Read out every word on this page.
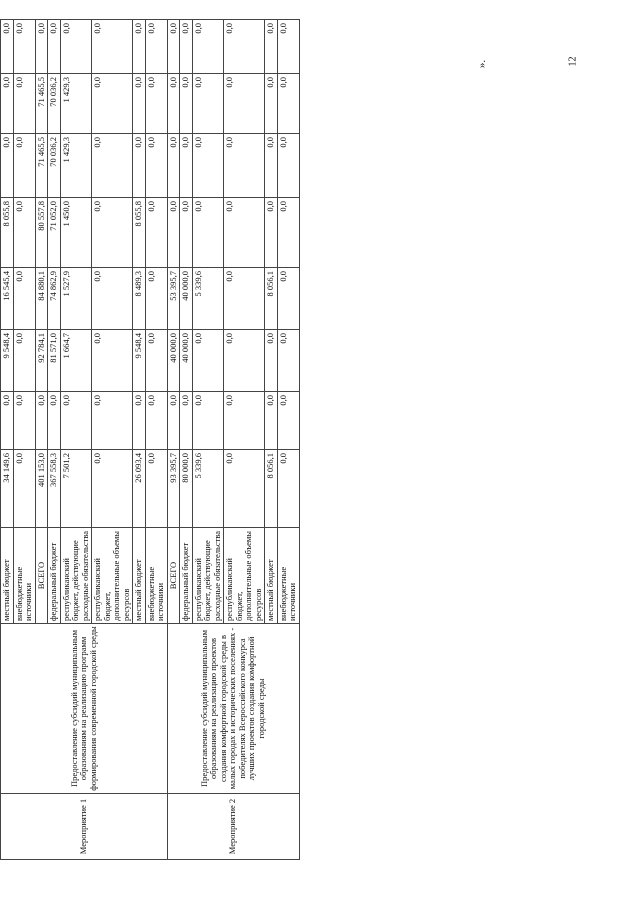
Мероприятие 1	Предоставление субсидий муниципальным образованиям на реализацию программ формирования современной городской среды	местный бюджет	34 149,6	0,0	9 548,4	16 545,4	8 055,8	0,0	0,0	0,0
		внебюджетные источники	0,0	0,0	0,0	0,0	0,0	0,0	0,0	0,0
		ВСЕГО	401 153,0	0,0	92 784,1	84 880,1	80 557,8	71 465,5	71 465,5	0,0
		федеральный бюджет	367 558,3	0,0	81 571,0	74 862,9	71 052,0	70 036,2	70 036,2	0,0
		республиканский бюджет, действующие расходные обязательства	7 501,2	0,0	1 664,7	1 527,9	1 450,0	1 429,3	1 429,3	0,0
		республиканский бюджет, дополнительные объемы ресурсов	0,0	0,0	0,0	0,0	0,0	0,0	0,0	0,0
		местный бюджет	26 093,4	0,0	9 548,4	8 489,3	8 055,8	0,0	0,0	0,0
		внебюджетные источники	0,0	0,0	0,0	0,0	0,0	0,0	0,0	0,0
Мероприятие 2	Предоставление субсидий муниципальным образованиям на реализацию проектов создания комфортной городской среды в малых городах и исторических поселениях - победителях Всероссийского конкурса лучших проектов создания комфортной городской среды	ВСЕГО	93 395,7	0,0	40 000,0	53 395,7	0,0	0,0	0,0	0,0
		федеральный бюджет	80 000,0	0,0	40 000,0	40 000,0	0,0	0,0	0,0	0,0
		республиканский бюджет, действующие расходные обязательства	5 339,6	0,0	0,0	5 339,6	0,0	0,0	0,0	0,0
		республиканский бюджет, дополнительные объемы ресурсов	0,0	0,0	0,0	0,0	0,0	0,0	0,0	0,0
		местный бюджет	8 056,1	0,0	0,0	8 056,1	0,0	0,0	0,0	0,0
		внебюджетные источники	0,0	0,0	0,0	0,0	0,0	0,0	0,0	0,0
».	12
